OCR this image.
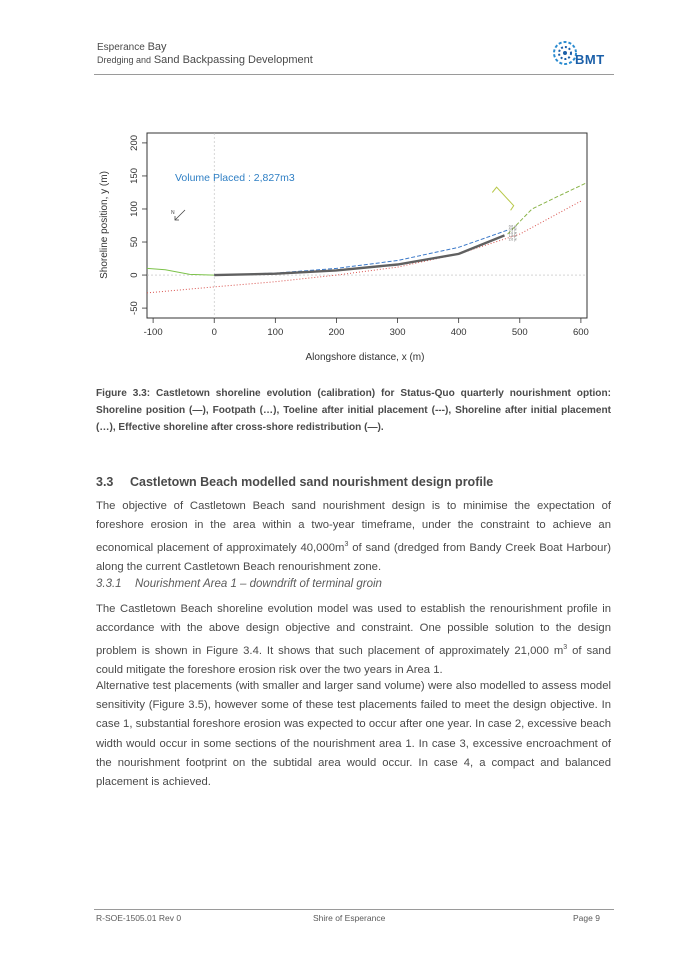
Esperance Bay
Dredging and Sand Backpassing Development	BMT
-100	0	100	200	300	400	500	600
-50
0
50
100
150
200
Volume Placed : 2,827m3
N
0.0 yr
0.5 yr
1.0 yr
1.5 yr
2.0 yr
Alongshore distance, x (m)
Shoreline position, y (m)
Figure 3.3: Castletown shoreline evolution (calibration) for Status-Quo quarterly nourishment option: Shoreline position (—), Footpath (…), Toeline after initial placement (---), Shoreline after initial placement (…), Effective shoreline after cross-shore redistribution (—).
3.3 Castletown Beach modelled sand nourishment design profile
The objective of Castletown Beach sand nourishment design is to minimise the expectation of foreshore erosion in the area within a two-year timeframe, under the constraint to achieve an economical placement of approximately $40,000m^3$ of sand (dredged from Bandy Creek Boat Harbour) along the current Castletown Beach renourishment zone.
3.3.1 Nourishment Area 1 – downdrift of terminal groin
The Castletown Beach shoreline evolution model was used to establish the renourishment profile in accordance with the above design objective and constraint. One possible solution to the design problem is shown in Figure 3.4. It shows that such placement of approximately 21,000 $m^3$ of sand could mitigate the foreshore erosion risk over the two years in Area 1.
Alternative test placements (with smaller and larger sand volume) were also modelled to assess model sensitivity (Figure 3.5), however some of these test placements failed to meet the design objective. In case 1, substantial foreshore erosion was expected to occur after one year. In case 2, excessive beach width would occur in some sections of the nourishment area 1. In case 3, excessive encroachment of the nourishment footprint on the subtidal area would occur. In case 4, a compact and balanced placement is achieved.
R-SOE-1505.01 Rev 0	Shire of Esperance	Page 9
